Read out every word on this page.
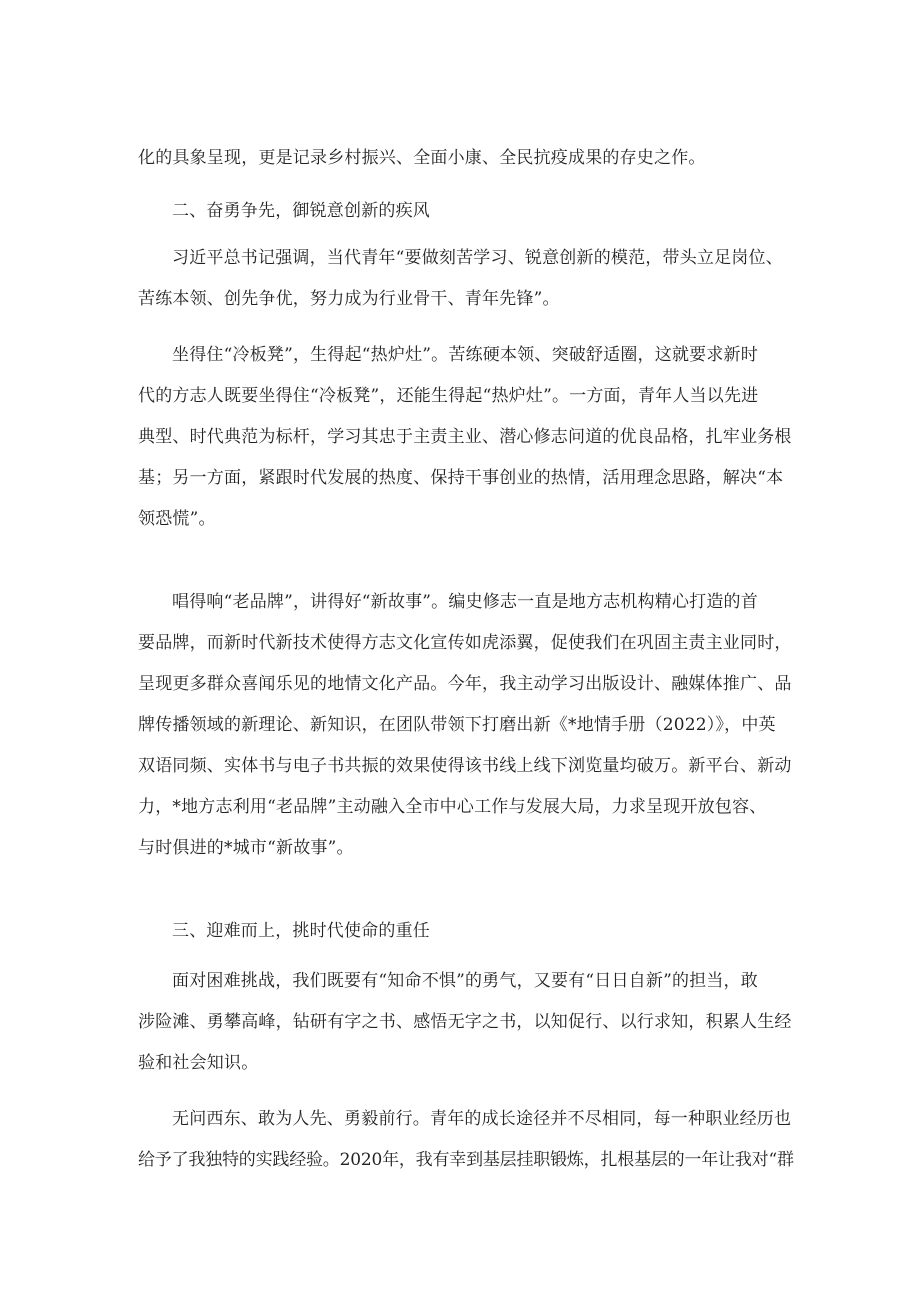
化的具象呈现，更是记录乡村振兴、全面小康、全民抗疫成果的存史之作。
二、奋勇争先，御锐意创新的疾风
习近平总书记强调，当代青年“要做刻苦学习、锐意创新的模范，带头立足岗位、
苦练本领、创先争优，努力成为行业骨干、青年先锋”。
坐得住“冷板凳”，生得起“热炉灶”。苦练硬本领、突破舒适圈，这就要求新时
代的方志人既要坐得住“冷板凳”，还能生得起“热炉灶”。一方面，青年人当以先进
典型、时代典范为标杆，学习其忠于主责主业、潜心修志问道的优良品格，扎牢业务根
基；另一方面，紧跟时代发展的热度、保持干事创业的热情，活用理念思路，解决“本
领恐慌”。
唱得响“老品牌”，讲得好“新故事”。编史修志一直是地方志机构精心打造的首
要品牌，而新时代新技术使得方志文化宣传如虎添翼，促使我们在巩固主责主业同时，
呈现更多群众喜闻乐见的地情文化产品。今年，我主动学习出版设计、融媒体推广、品
牌传播领域的新理论、新知识，在团队带领下打磨出新《*地情手册（2022）》，中英
双语同频、实体书与电子书共振的效果使得该书线上线下浏览量均破万。新平台、新动
力，*地方志利用“老品牌”主动融入全市中心工作与发展大局，力求呈现开放包容、
与时俱进的*城市“新故事”。
三、迎难而上，挑时代使命的重任
面对困难挑战，我们既要有“知命不惧”的勇气，又要有“日日自新”的担当，敢
涉险滩、勇攀高峰，钻研有字之书、感悟无字之书，以知促行、以行求知，积累人生经
验和社会知识。
无问西东、敢为人先、勇毅前行。青年的成长途径并不尽相同，每一种职业经历也
给予了我独特的实践经验。2020年，我有幸到基层挂职锻炼，扎根基层的一年让我对“群
